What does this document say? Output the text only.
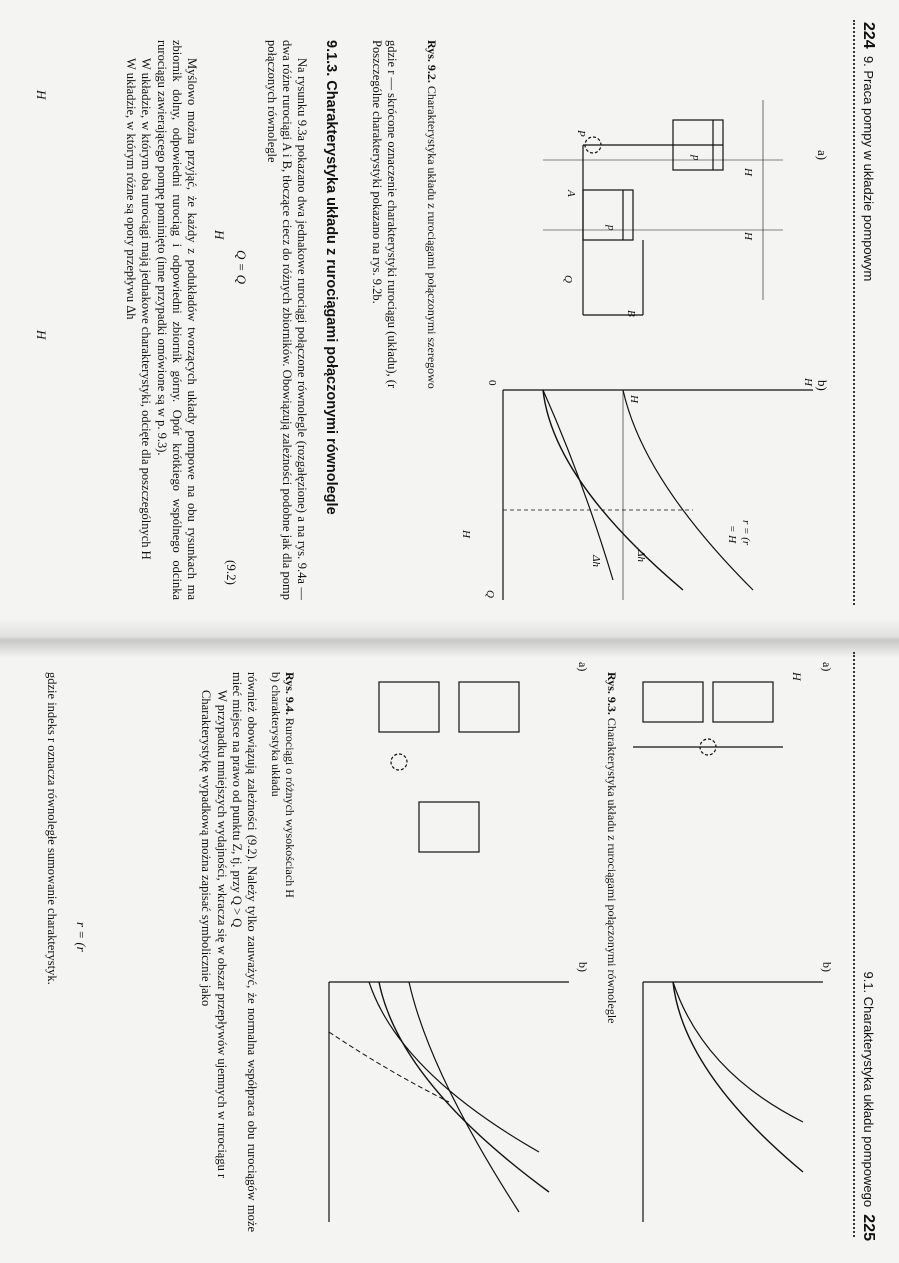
224  9. Praca pompy w układzie pompowym
a)
H
H
p
p
P
Q
A
B
b)
H
Q
0
H
r = (r
= H
Δh
Δh
H
Rys. 9.2. Charakterystyka układu z rurociągami połączonymi szeregowo

gdzie r — skrócone oznaczenie charakterystyki rurociągu (układu), (r

Poszczególne charakterystyki pokazano na rys. 9.2b.

9.1.3. Charakterystyka układu z rurociągami połączonymi równolegle

Na rysunku 9.3a pokazano dwa jednakowe rurociągi połączone równolegle (rozgałęzione) a na rys. 9.4a — dwa różne rurociągi A i B, tłoczące ciecz do różnych zbiorników. Obowiązują zależności podobne jak dla pomp połączonych równolegle

Q = Q
H
(9.2)

Myślowo można przyjąć, że każdy z podukładów tworzących układy pompowe na obu rysunkach ma zbiornik dolny, odpowiedni rurociąg i odpowiedni zbiornik górny. Opór krótkiego wspólnego odcinka rurociągu zawierającego pompę pominięto (inne przypadki omówione są w p. 9.3).

W układzie, w którym oba rurociągi mają jednakowe charakterystyki, odcięte dla poszczególnych H

W układzie, w którym różne są opory przepływu Δh

H
H
9.1. Charakterystyka układu pompowego  225
a)
b)
H
Rys. 9.3. Charakterystyka układu z rurociągami połączonymi równolegle
a)
b)
Rys. 9.4. Rurociągi o różnych wysokościach H
b) charakterystyka układu

również obowiązują zależności (9.2). Należy tylko zauważyć, że normalna współpraca obu rurociągów może mieć miejsce na prawo od punktu Z, tj. przy Q > Q

W przypadku mniejszych wydajności, wkracza się w obszar przepływów ujemnych w rurociągu r

Charakterystykę wypadkową można zapisać symbolicznie jako

r = (r

gdzie indeks r oznacza równoległe sumowanie charakterystyk.
